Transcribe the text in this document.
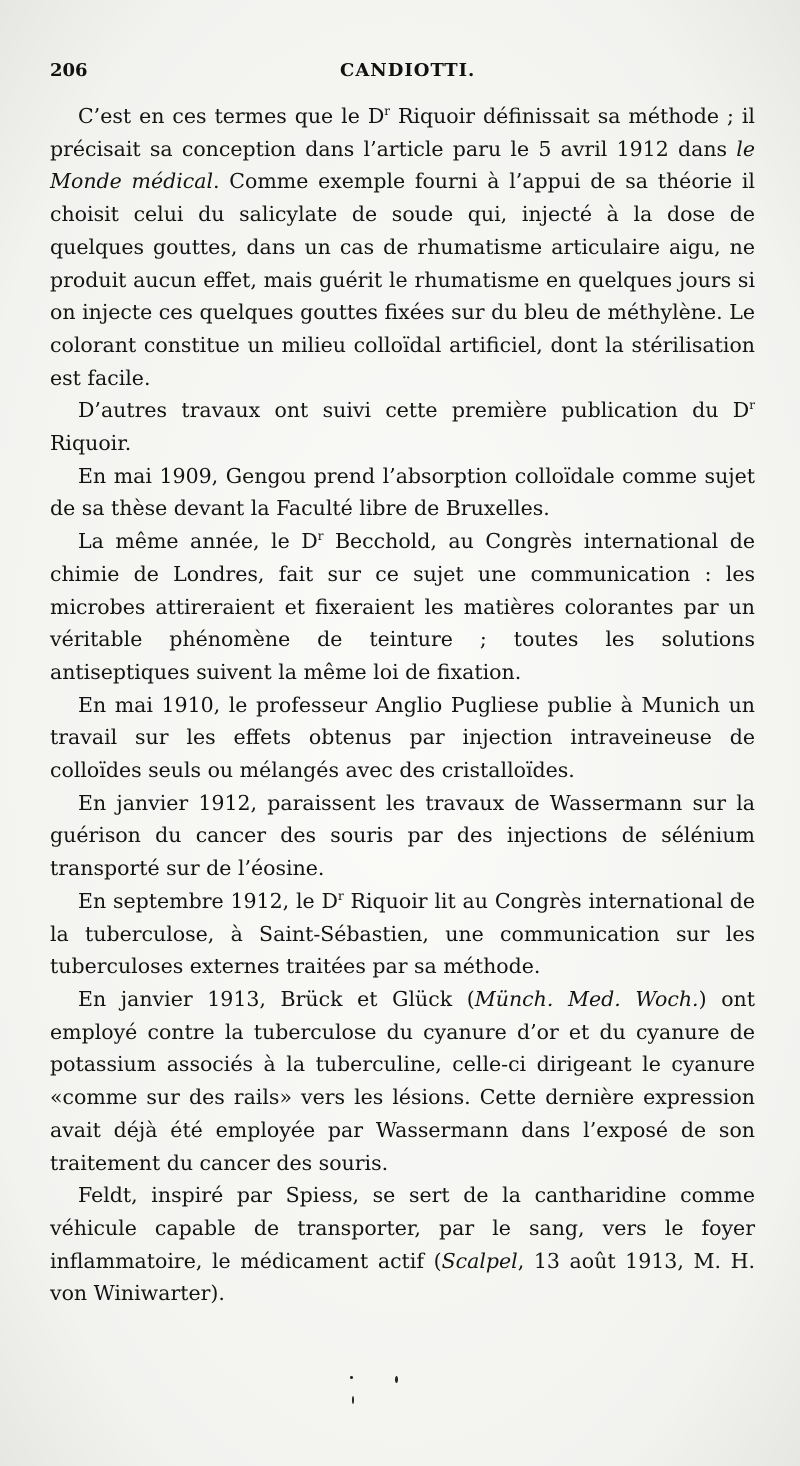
206	CANDIOTTI.

C’est en ces termes que le $D^r$ Riquoir définissait sa méthode ; il précisait sa conception dans l’article paru le 5 avril 1912 dans le Monde médical. Comme exemple fourni à l’appui de sa théorie il choisit celui du salicylate de soude qui, injecté à la dose de quelques gouttes, dans un cas de rhumatisme articulaire aigu, ne produit aucun effet, mais guérit le rhumatisme en quelques jours si on injecte ces quelques gouttes fixées sur du bleu de méthylène. Le colorant constitue un milieu colloïdal artificiel, dont la stérilisation est facile.

D’autres travaux ont suivi cette première publication du $D^r$ Riquoir.

En mai 1909, Gengou prend l’absorption colloïdale comme sujet de sa thèse devant la Faculté libre de Bruxelles.

La même année, le $D^r$ Becchold, au Congrès international de chimie de Londres, fait sur ce sujet une communication : les microbes attireraient et fixeraient les matières colorantes par un véritable phénomène de teinture ; toutes les solutions antiseptiques suivent la même loi de fixation.

En mai 1910, le professeur Anglio Pugliese publie à Munich un travail sur les effets obtenus par injection intraveineuse de colloïdes seuls ou mélangés avec des cristalloïdes.

En janvier 1912, paraissent les travaux de Wassermann sur la guérison du cancer des souris par des injections de sélénium transporté sur de l’éosine.

En septembre 1912, le $D^r$ Riquoir lit au Congrès international de la tuberculose, à Saint-Sébastien, une communication sur les tuberculoses externes traitées par sa méthode.

En janvier 1913, Brück et Glück (Münch. Med. Woch.) ont employé contre la tuberculose du cyanure d’or et du cyanure de potassium associés à la tuberculine, celle-ci dirigeant le cyanure «comme sur des rails» vers les lésions. Cette dernière expression avait déjà été employée par Wassermann dans l’exposé de son traitement du cancer des souris.

Feldt, inspiré par Spiess, se sert de la cantharidine comme véhicule capable de transporter, par le sang, vers le foyer inflammatoire, le médicament actif (Scalpel, 13 août 1913, M. H. von Winiwarter).
